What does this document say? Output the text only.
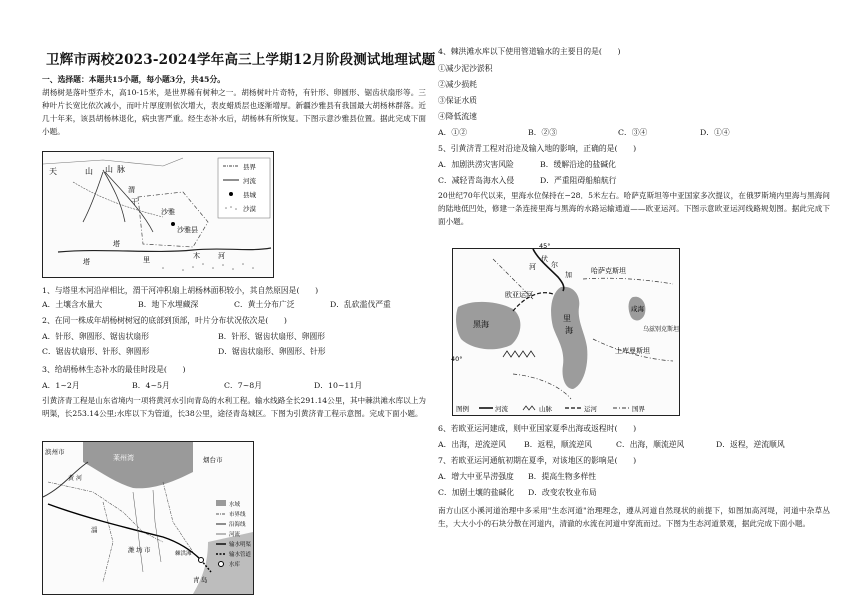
卫辉市两校2023-2024学年高三上学期12月阶段测试地理试题
一、选择题：本题共15小题，每小题3分，共45分。
胡杨树是落叶型乔木，高10-15米，是世界稀有树种之一。胡杨树叶片奇特，有针形、卵圆形、锯齿状扇形等。三种叶片长宽比依次减小，而叶片厚度则依次增大，表皮蜡质层也逐渐增厚。新疆沙雅县有我国最大胡杨林群落。近几十年来，该县胡杨林退化，病虫害严重。经生态补水后，胡杨林有所恢复。下图示意沙雅县位置。据此完成下面小题。
天	山 山 脉
渭
干
沙雅
沙雅县
塔
里	木	河
塔
县界
河流
县城
沙漠
1、与塔里木河沿岸相比，渭干河冲积扇上胡杨林面积较小，其自然原因是(　　)
A．土壤含水量大	B．地下水埋藏深	C．黄土分布广泛	D．乱砍滥伐严重
2、在同一株成年胡杨树树冠的底部到顶部，叶片分布状况依次是(　　)
A．针形、卵圆形、锯齿状扇形	B．针形、锯齿状扇形、卵圆形
C．锯齿状扇形、针形、卵圆形	D．锯齿状扇形、卵圆形、针形
3、给胡杨林生态补水的最佳时段是(　　)
A．1~2月	B．4~5月	C．7~8月	D．10~11月
引黄济青工程是山东省境内一项将黄河水引向青岛的水利工程。输水线路全长291.14公里，其中棘洪滩水库以上为明渠，长253.14公里;水库以下为管道，长38公里，途径青岛城区。下图为引黄济青工程示意图。完成下面小题。
滨州市
莱州湾	烟台市
淄
潍 坊 市
青 岛
黄 河
棘洪滩
水域
市界线
沿海线
河流
输水明渠
输水管道
水库
4、棘洪滩水库以下使用管道输水的主要目的是(　　)
①减少泥沙淤积
②减少损耗
③保证水质
④降低流速
A．①②	B．②③	C．③④	D．①④
5、引黄济青工程对沿途及输入地的影响，正确的是(　　)
A．加剧洪涝灾害风险	B．缓解沿途的盐碱化
C．减轻青岛海水入侵	D．严重阻碍船舶航行
20世纪70年代以来，里海水位保持在−28．5米左右。哈萨克斯坦等中亚国家多次提议，在俄罗斯境内里海与黑海间的陆地低凹处，修建一条连接里海与黑海的水路运输通道——欧亚运河。下图示意欧亚运河线路规划图。据此完成下面小题。
45°
40°
伏
尔
加
河	哈萨克斯坦
欧亚运河
黑海
里
海
咸海
乌兹别克斯坦
土库曼斯坦
图例	河流	山脉	运河	国界
6、若欧亚运河建成，则中亚国家夏季出海或返程时(　　)
A．出海，逆流逆风 B．返程，顺流逆风	C．出海，顺流逆风	D．返程，逆流顺风
7、若欧亚运河通航初期在夏季，对该地区的影响是(　　)
A．增大中亚旱涝强度 B．提高生物多样性
C．加剧土壤的盐碱化 D．改变农牧业布局
南方山区小溪河道治理中多采用"生态河道"治理理念，遵从河道自然现状的前提下，如图加高河堤，河道中杂草丛生，大大小小的石块分散在河道内，清澈的水流在河道中穿流而过。下图为生态河道景观，据此完成下面小题。
